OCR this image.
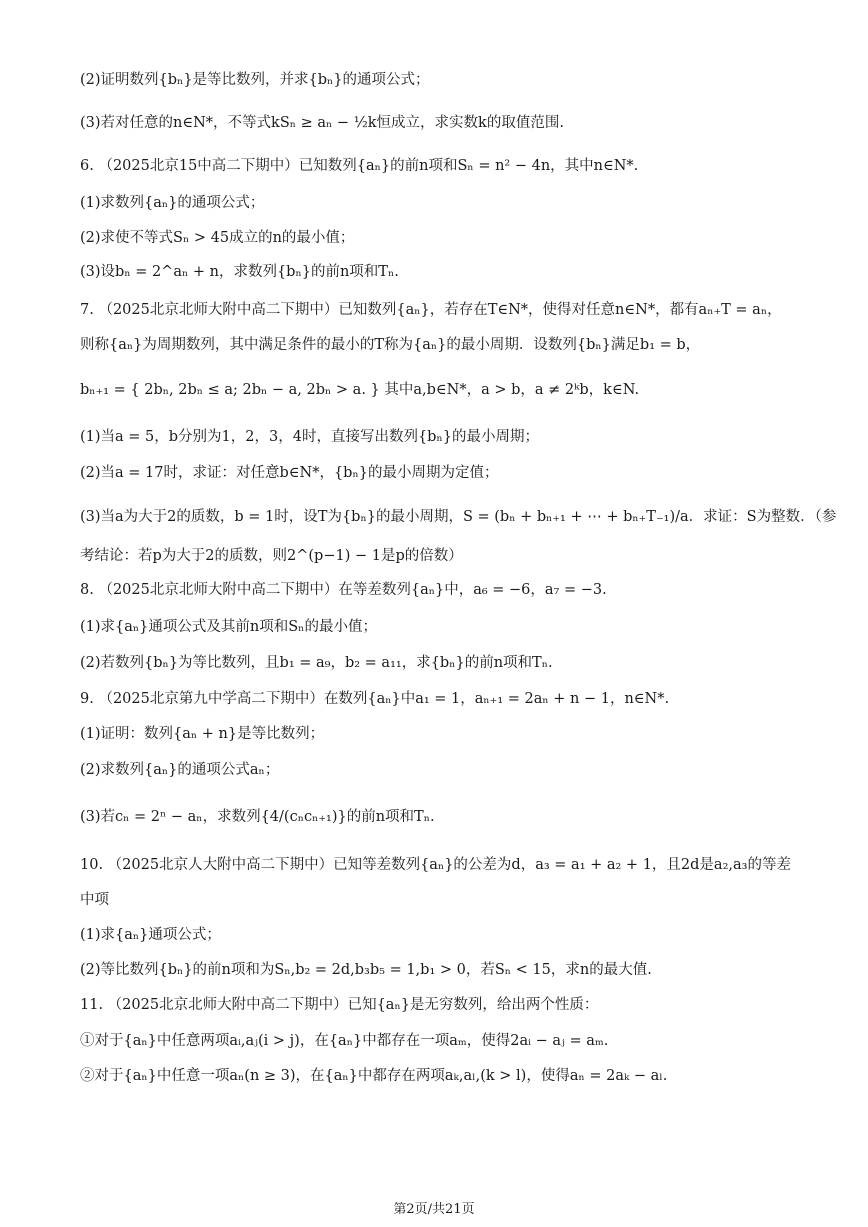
(2)证明数列{bₙ}是等比数列，并求{bₙ}的通项公式；
(3)若对任意的n∈N*，不等式kSₙ ≥ aₙ − ½k恒成立，求实数k的取值范围.
6. （2025北京15中高二下期中）已知数列{aₙ}的前n项和Sₙ = n² − 4n，其中n∈N*.
(1)求数列{aₙ}的通项公式；
(2)求使不等式Sₙ > 45成立的n的最小值；
(3)设bₙ = 2^aₙ + n，求数列{bₙ}的前n项和Tₙ.
7. （2025北京北师大附中高二下期中）已知数列{aₙ}，若存在T∈N*，使得对任意n∈N*，都有aₙ₊T = aₙ，
则称{aₙ}为周期数列，其中满足条件的最小的T称为{aₙ}的最小周期．设数列{bₙ}满足b₁ = b，
bₙ₊₁ = { 2bₙ, 2bₙ ≤ a; 2bₙ − a, 2bₙ > a. } 其中a,b∈N*，a > b，a ≠ 2ᵏb，k∈N.
(1)当a = 5，b分别为1，2，3，4时，直接写出数列{bₙ}的最小周期；
(2)当a = 17时，求证：对任意b∈N*，{bₙ}的最小周期为定值；
(3)当a为大于2的质数，b = 1时，设T为{bₙ}的最小周期，S = (bₙ + bₙ₊₁ + ⋯ + bₙ₊T₋₁)/a．求证：S为整数．（参
考结论：若p为大于2的质数，则2^(p−1) − 1是p的倍数）
8. （2025北京北师大附中高二下期中）在等差数列{aₙ}中，a₆ = −6，a₇ = −3.
(1)求{aₙ}通项公式及其前n项和Sₙ的最小值；
(2)若数列{bₙ}为等比数列，且b₁ = a₉，b₂ = a₁₁，求{bₙ}的前n项和Tₙ.
9. （2025北京第九中学高二下期中）在数列{aₙ}中a₁ = 1，aₙ₊₁ = 2aₙ + n − 1，n∈N*.
(1)证明：数列{aₙ + n}是等比数列；
(2)求数列{aₙ}的通项公式aₙ；
(3)若cₙ = 2ⁿ − aₙ，求数列{4/(cₙcₙ₊₁)}的前n项和Tₙ.
10. （2025北京人大附中高二下期中）已知等差数列{aₙ}的公差为d，a₃ = a₁ + a₂ + 1，且2d是a₂,a₃的等差
中项
(1)求{aₙ}通项公式；
(2)等比数列{bₙ}的前n项和为Sₙ,b₂ = 2d,b₃b₅ = 1,b₁ > 0，若Sₙ < 15，求n的最大值.
11. （2025北京北师大附中高二下期中）已知{aₙ}是无穷数列，给出两个性质：
①对于{aₙ}中任意两项aᵢ,aⱼ(i > j)，在{aₙ}中都存在一项aₘ，使得2aᵢ − aⱼ = aₘ.
②对于{aₙ}中任意一项aₙ(n ≥ 3)，在{aₙ}中都存在两项aₖ,aₗ,(k > l)，使得aₙ = 2aₖ − aₗ.
第2页/共21页
